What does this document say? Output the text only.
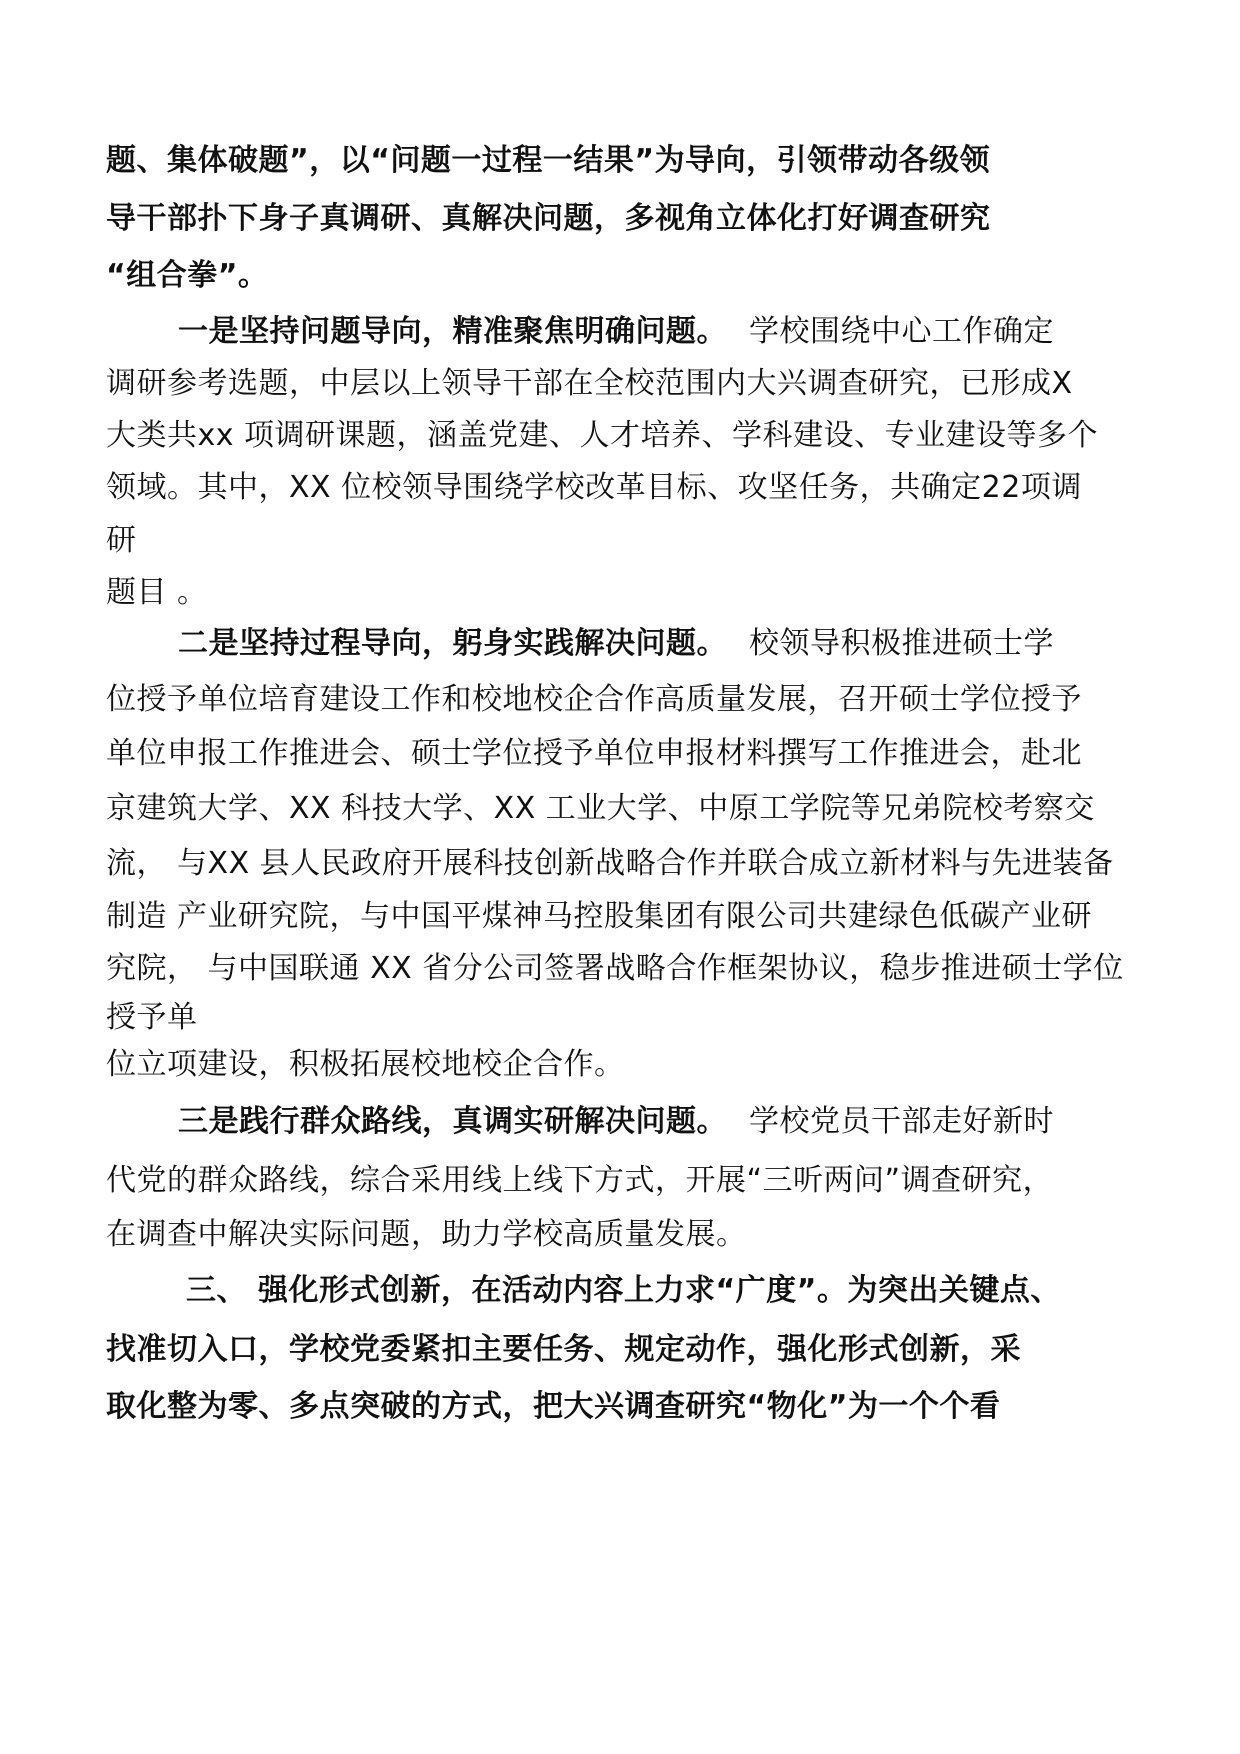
题、集体破题”，以“问题一过程一结果”为导向，引领带动各级领
导干部扑下身子真调研、真解决问题，多视角立体化打好调查研究
“组合拳”。
一是坚持问题导向，精准聚焦明确问题。 学校围绕中心工作确定
调研参考选题，中层以上领导干部在全校范围内大兴调查研究，已形成X
大类共xx 项调研课题，涵盖党建、人才培养、学科建设、专业建设等多个
领域。其中，XX 位校领导围绕学校改革目标、攻坚任务，共确定22项调
研
题目 。
二是坚持过程导向，躬身实践解决问题。 校领导积极推进硕士学
位授予单位培育建设工作和校地校企合作高质量发展，召开硕士学位授予
单位申报工作推进会、硕士学位授予单位申报材料撰写工作推进会，赴北
京建筑大学、XX 科技大学、XX 工业大学、中原工学院等兄弟院校考察交
流， 与XX 县人民政府开展科技创新战略合作并联合成立新材料与先进装备
制造 产业研究院，与中国平煤神马控股集团有限公司共建绿色低碳产业研
究院， 与中国联通 XX 省分公司签署战略合作框架协议，稳步推进硕士学位
授予单
位立项建设，积极拓展校地校企合作。
三是践行群众路线，真调实研解决问题。 学校党员干部走好新时
代党的群众路线，综合采用线上线下方式，开展“三听两问”调查研究，
在调查中解决实际问题，助力学校高质量发展。
三、 强化形式创新，在活动内容上力求“广度”。为突出关键点、
找准切入口，学校党委紧扣主要任务、规定动作，强化形式创新，采
取化整为零、多点突破的方式，把大兴调查研究“物化”为一个个看
